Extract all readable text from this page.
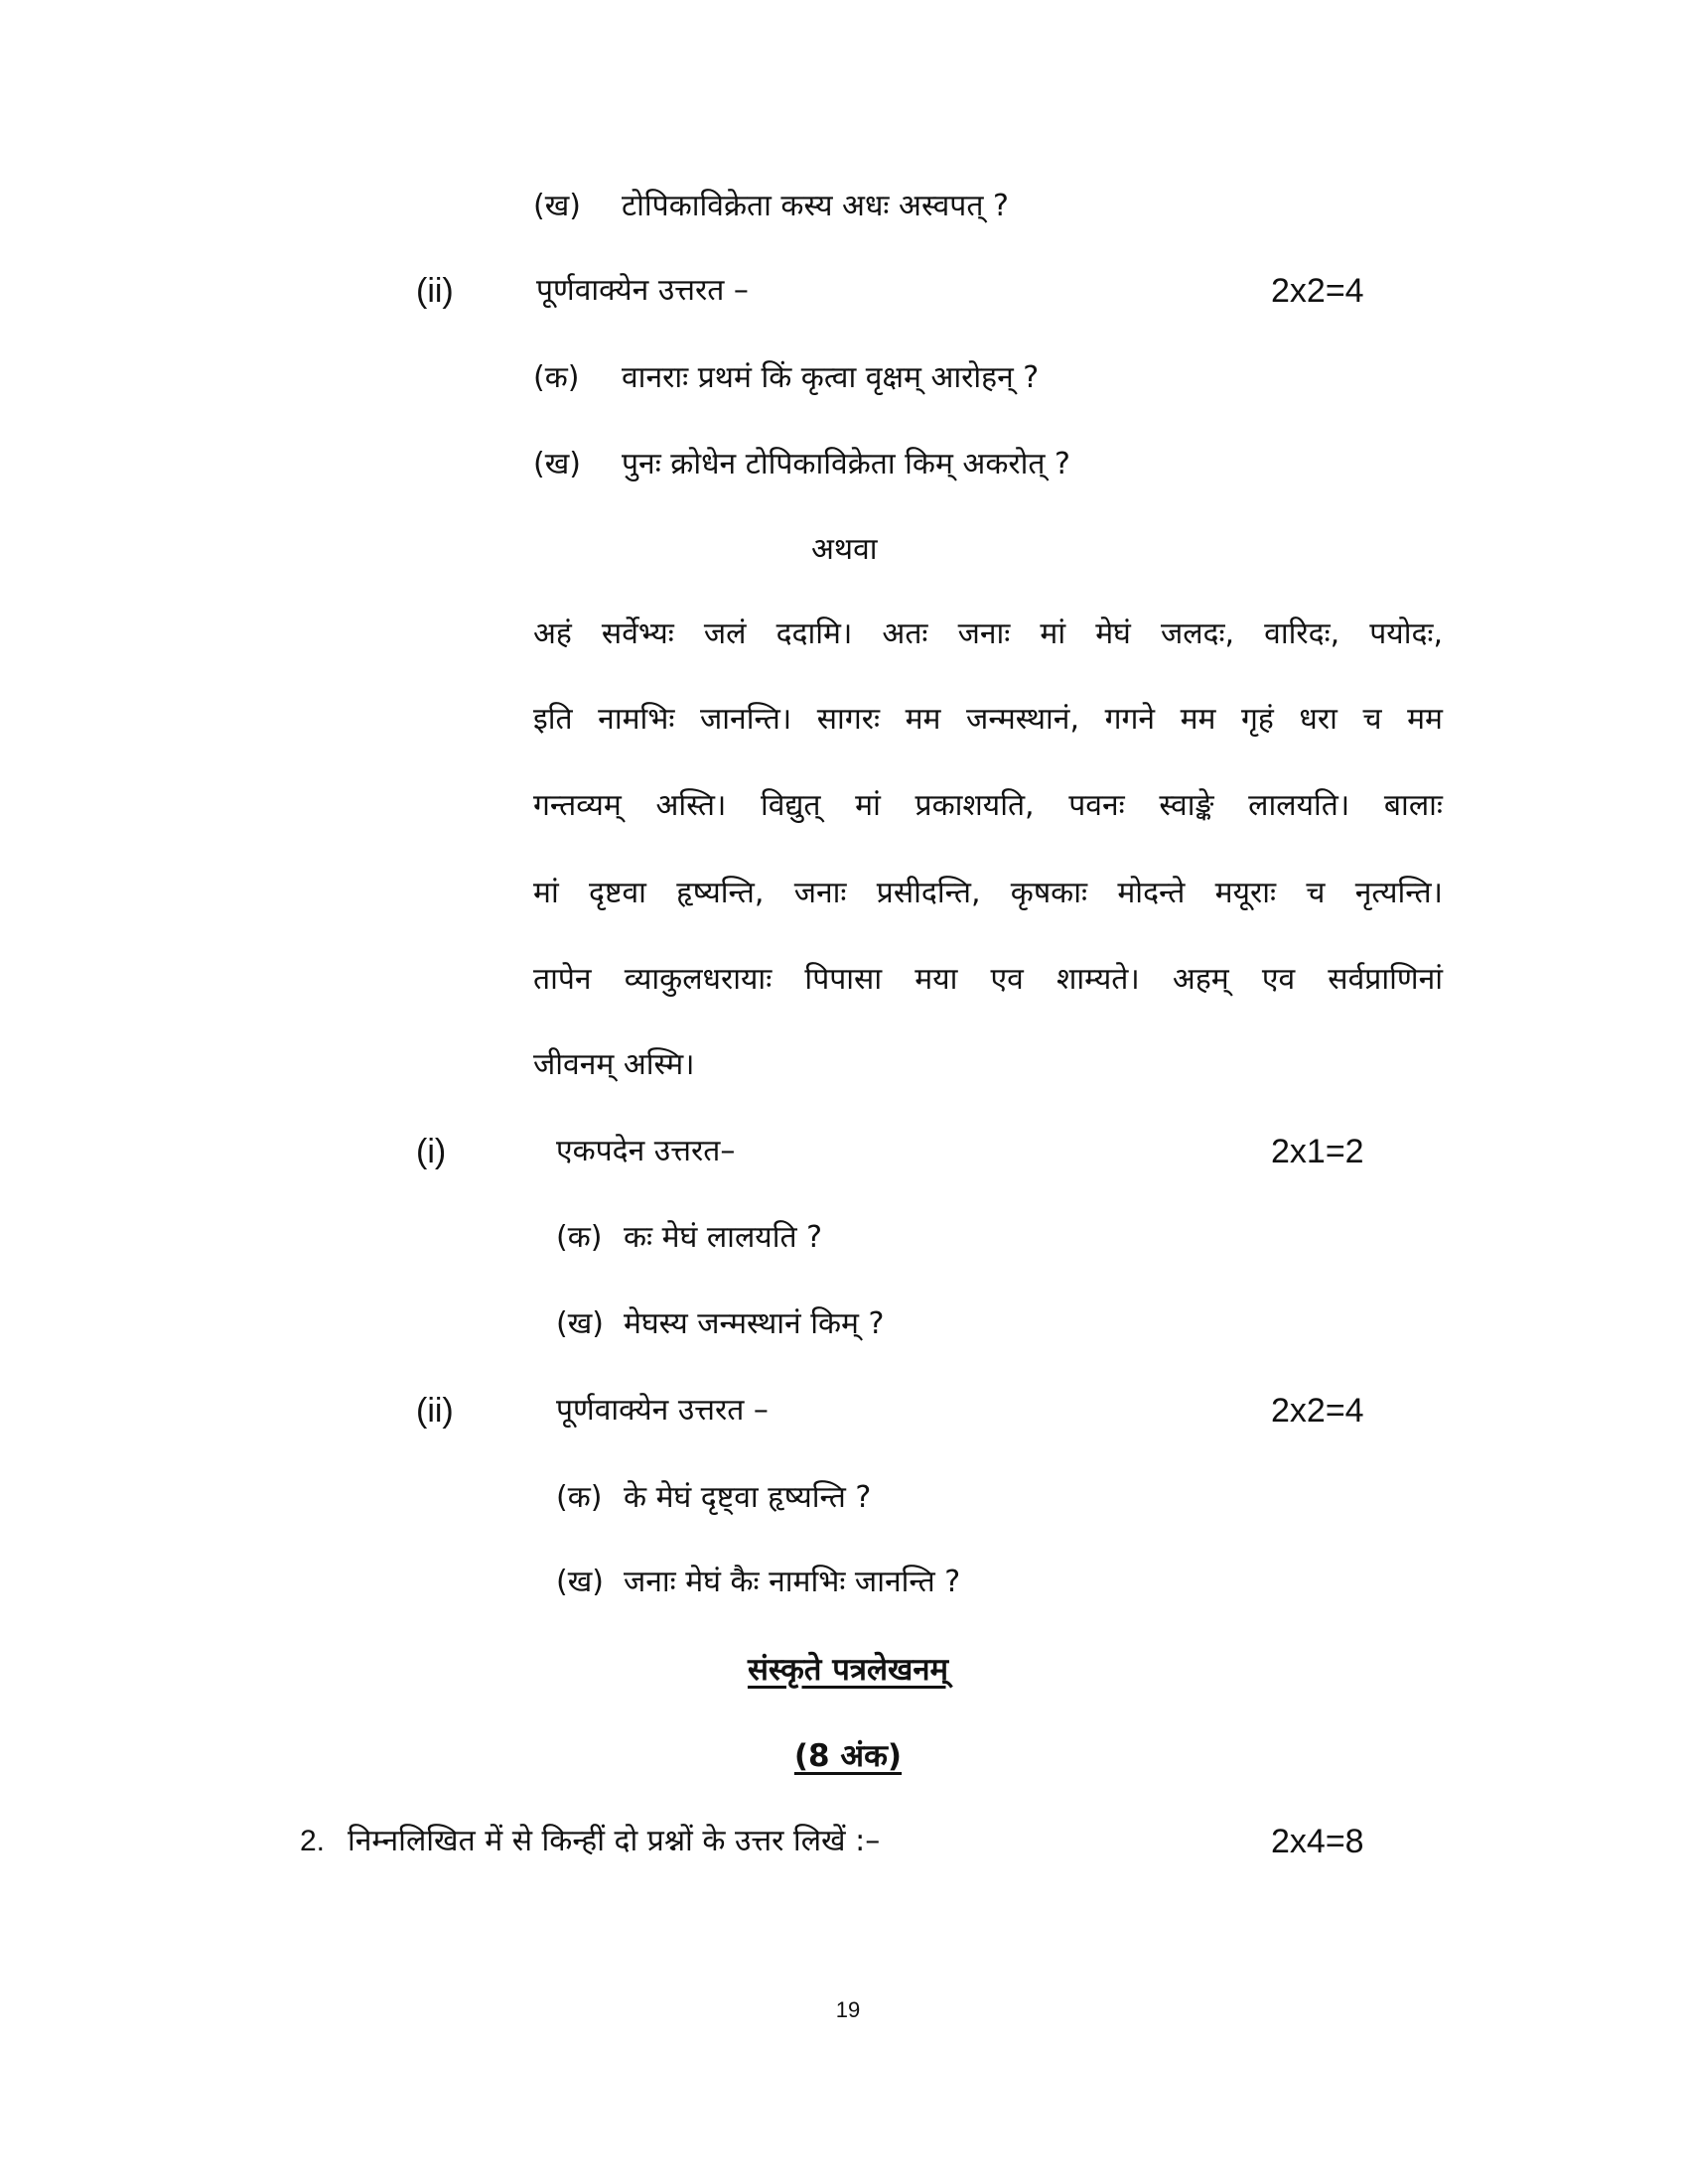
(ख) टोपिकाविक्रेता कस्य अधः अस्वपत् ?
(ii)	पूर्णवाक्येन उत्तरत –	2x2=4
(क) वानराः प्रथमं किं कृत्वा वृक्षम् आरोहन् ?
(ख) पुनः क्रोधेन टोपिकाविक्रेता किम् अकरोत् ?
अथवा
अहं सर्वेभ्यः जलं ददामि। अतः जनाः मां मेघं जलदः, वारिदः, पयोदः,
इति नामभिः जानन्ति। सागरः मम जन्मस्थानं, गगने मम गृहं धरा च मम
गन्तव्यम् अस्ति। विद्युत् मां प्रकाशयति, पवनः स्वाङ्के लालयति। बालाः
मां दृष्टवा हृष्यन्ति, जनाः प्रसीदन्ति, कृषकाः मोदन्ते मयूराः च नृत्यन्ति।
तापेन व्याकुलधरायाः पिपासा मया एव शाम्यते। अहम् एव सर्वप्राणिनां
जीवनम् अस्मि।
(i)	एकपदेन उत्तरत–	2x1=2
(क) कः मेघं लालयति ?
(ख) मेघस्य जन्मस्थानं किम् ?
(ii)	पूर्णवाक्येन उत्तरत –	2x2=4
(क) के मेघं दृष्ट्वा हृष्यन्ति ?
(ख) जनाः मेघं कैः नामभिः जानन्ति ?
संस्कृते पत्रलेखनम्
(8 अंक)
2. निम्नलिखित में से किन्हीं दो प्रश्नों के उत्तर लिखें :–	2x4=8
19
